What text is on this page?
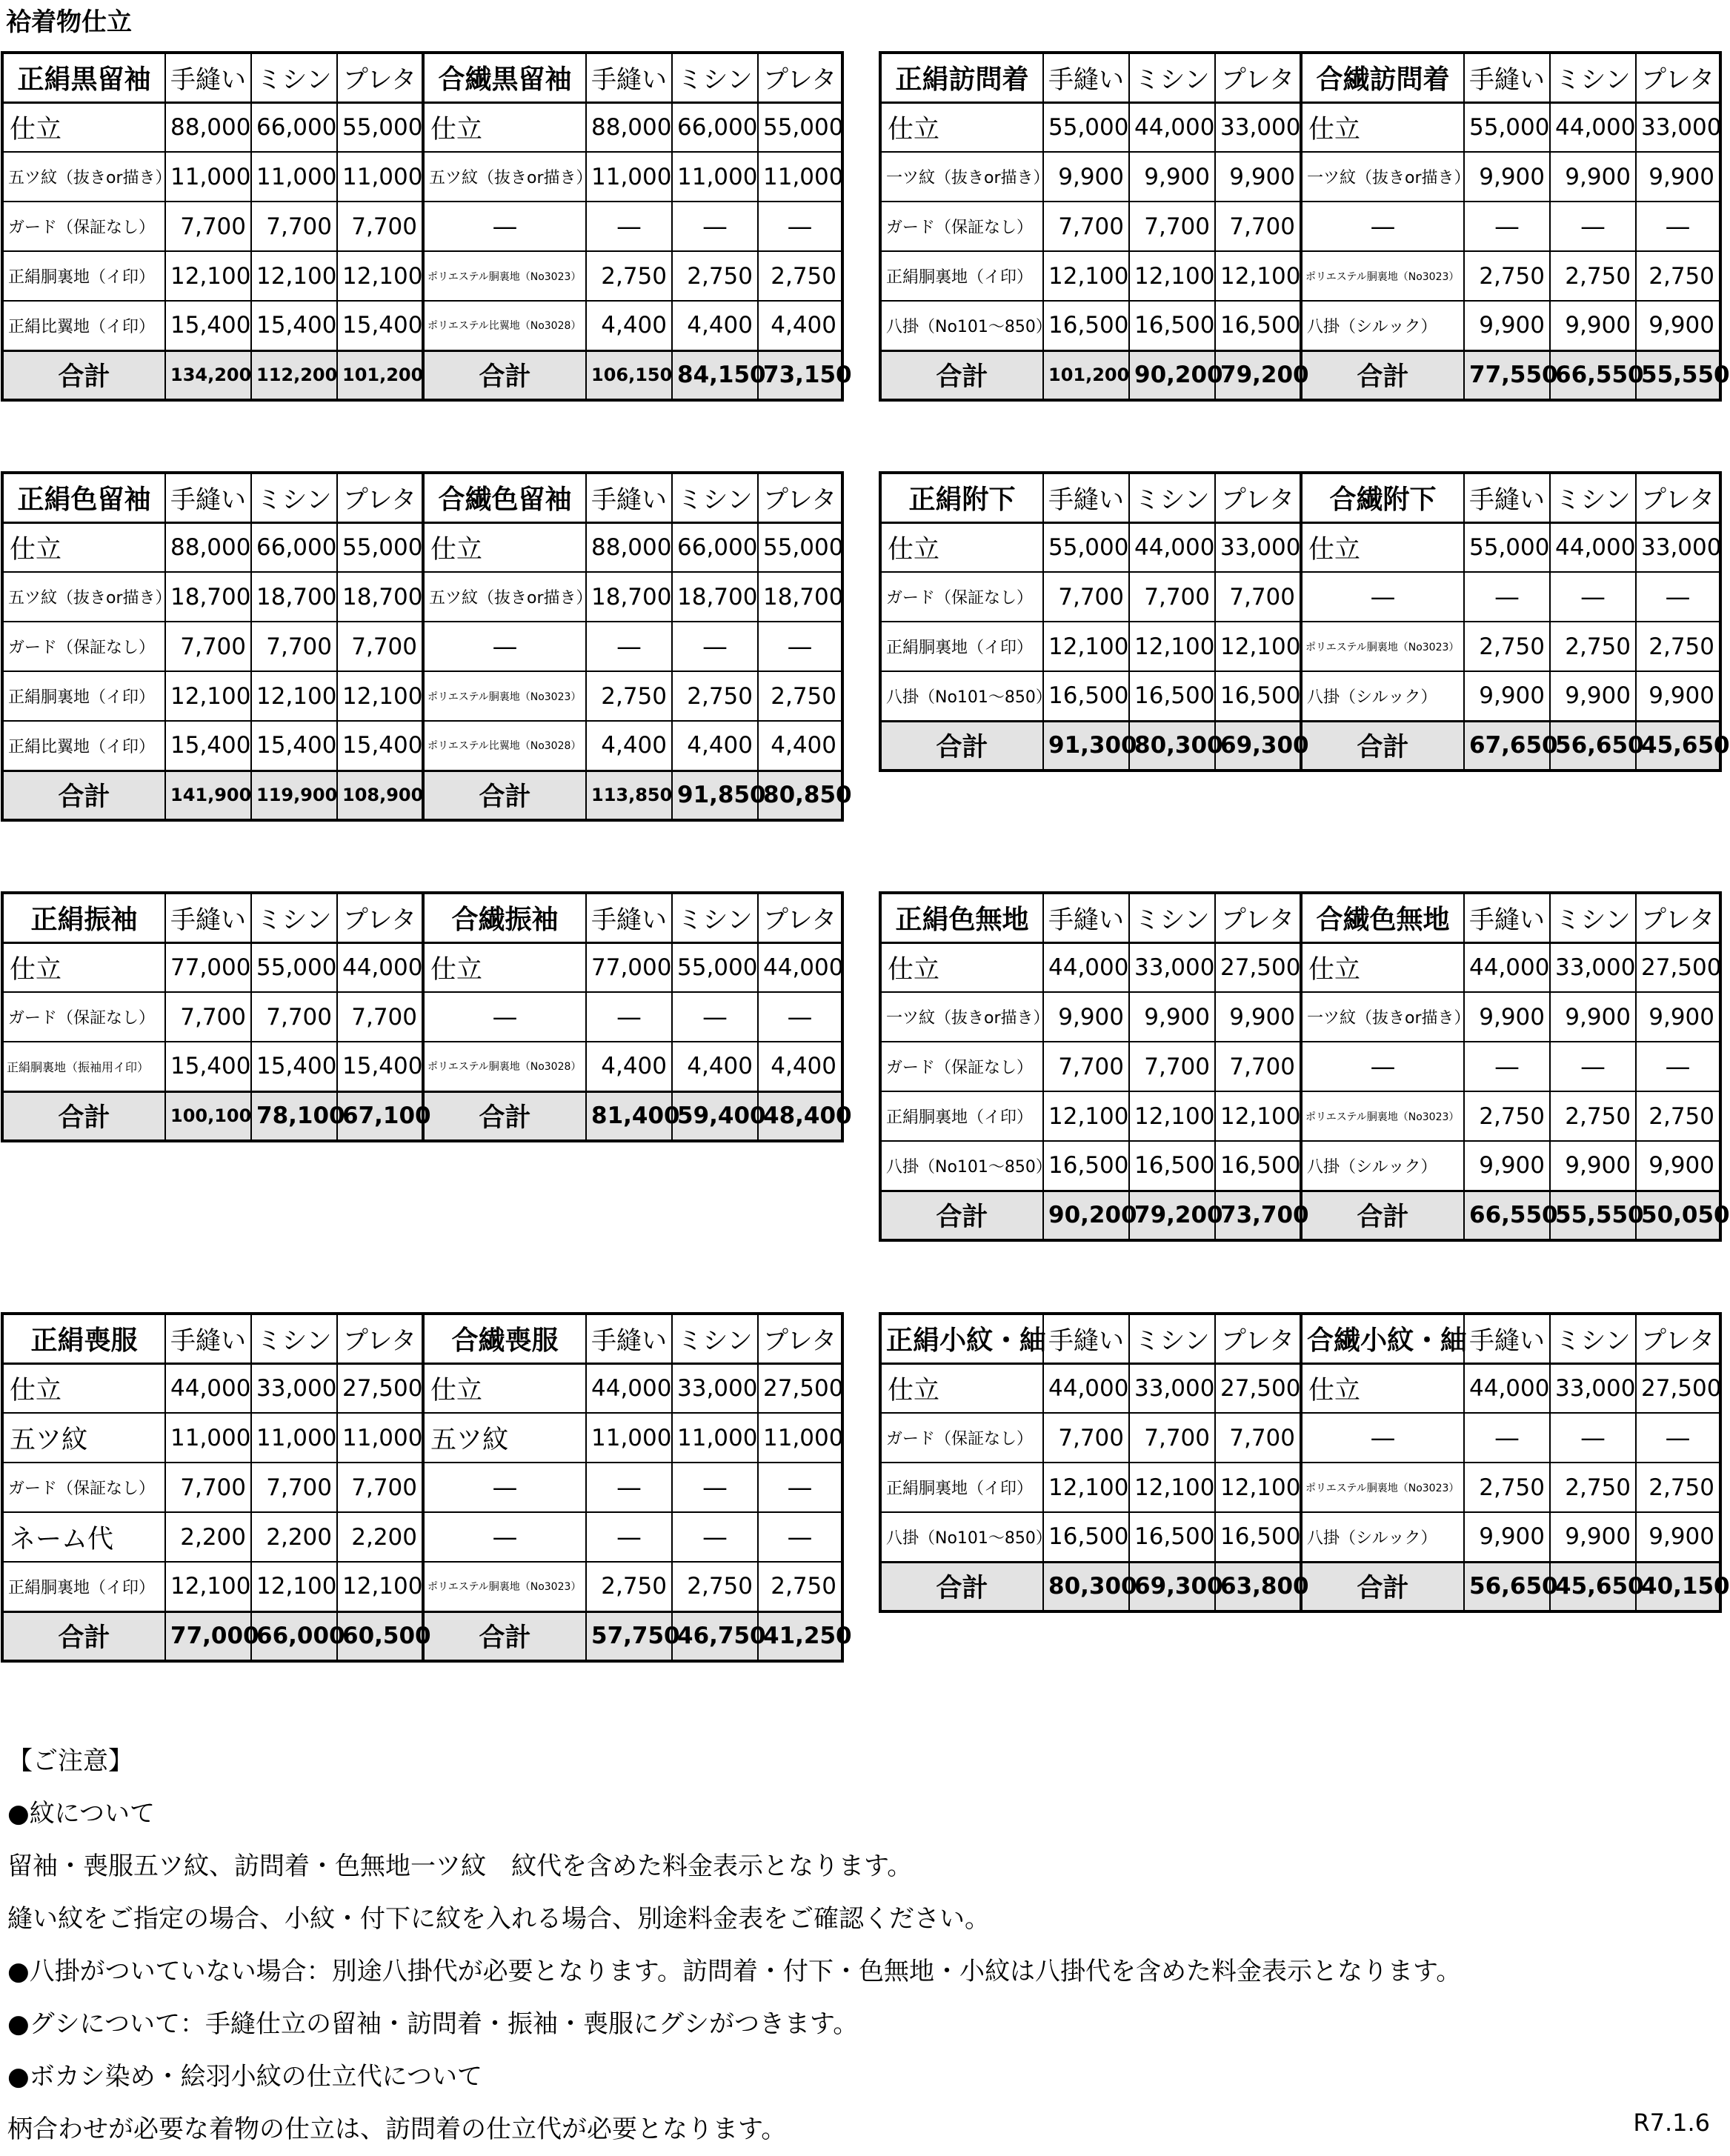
袷着物仕立
正絹黒留袖	手縫い	ミシン	プレタ	合繊黒留袖	手縫い	ミシン	プレタ
仕立	88,000	66,000	55,000	仕立	88,000	66,000	55,000
五ツ紋（抜きor描き）	11,000	11,000	11,000	五ツ紋（抜きor描き）	11,000	11,000	11,000
ガード（保証なし）	7,700	7,700	7,700	—	—	—	—
正絹胴裏地（イ印）	12,100	12,100	12,100	ポリエステル胴裏地（No3023）	2,750	2,750	2,750
正絹比翼地（イ印）	15,400	15,400	15,400	ポリエステル比翼地（No3028）	4,400	4,400	4,400
合計	134,200	112,200	101,200	合計	106,150	84,150	73,150
正絹訪問着	手縫い	ミシン	プレタ	合繊訪問着	手縫い	ミシン	プレタ
仕立	55,000	44,000	33,000	仕立	55,000	44,000	33,000
一ツ紋（抜きor描き）	9,900	9,900	9,900	一ツ紋（抜きor描き）	9,900	9,900	9,900
ガード（保証なし）	7,700	7,700	7,700	—	—	—	—
正絹胴裏地（イ印）	12,100	12,100	12,100	ポリエステル胴裏地（No3023）	2,750	2,750	2,750
八掛（No101～850）	16,500	16,500	16,500	八掛（シルック）	9,900	9,900	9,900
合計	101,200	90,200	79,200	合計	77,550	66,550	55,550
正絹色留袖	手縫い	ミシン	プレタ	合繊色留袖	手縫い	ミシン	プレタ
仕立	88,000	66,000	55,000	仕立	88,000	66,000	55,000
五ツ紋（抜きor描き）	18,700	18,700	18,700	五ツ紋（抜きor描き）	18,700	18,700	18,700
ガード（保証なし）	7,700	7,700	7,700	—	—	—	—
正絹胴裏地（イ印）	12,100	12,100	12,100	ポリエステル胴裏地（No3023）	2,750	2,750	2,750
正絹比翼地（イ印）	15,400	15,400	15,400	ポリエステル比翼地（No3028）	4,400	4,400	4,400
合計	141,900	119,900	108,900	合計	113,850	91,850	80,850
正絹附下	手縫い	ミシン	プレタ	合繊附下	手縫い	ミシン	プレタ
仕立	55,000	44,000	33,000	仕立	55,000	44,000	33,000
ガード（保証なし）	7,700	7,700	7,700	—	—	—	—
正絹胴裏地（イ印）	12,100	12,100	12,100	ポリエステル胴裏地（No3023）	2,750	2,750	2,750
八掛（No101～850）	16,500	16,500	16,500	八掛（シルック）	9,900	9,900	9,900
合計	91,300	80,300	69,300	合計	67,650	56,650	45,650
正絹振袖	手縫い	ミシン	プレタ	合繊振袖	手縫い	ミシン	プレタ
仕立	77,000	55,000	44,000	仕立	77,000	55,000	44,000
ガード（保証なし）	7,700	7,700	7,700	—	—	—	—
正絹胴裏地（振袖用イ印）	15,400	15,400	15,400	ポリエステル胴裏地（No3028）	4,400	4,400	4,400
合計	100,100	78,100	67,100	合計	81,400	59,400	48,400
正絹色無地	手縫い	ミシン	プレタ	合繊色無地	手縫い	ミシン	プレタ
仕立	44,000	33,000	27,500	仕立	44,000	33,000	27,500
一ツ紋（抜きor描き）	9,900	9,900	9,900	一ツ紋（抜きor描き）	9,900	9,900	9,900
ガード（保証なし）	7,700	7,700	7,700	—	—	—	—
正絹胴裏地（イ印）	12,100	12,100	12,100	ポリエステル胴裏地（No3023）	2,750	2,750	2,750
八掛（No101～850）	16,500	16,500	16,500	八掛（シルック）	9,900	9,900	9,900
合計	90,200	79,200	73,700	合計	66,550	55,550	50,050
正絹喪服	手縫い	ミシン	プレタ	合繊喪服	手縫い	ミシン	プレタ
仕立	44,000	33,000	27,500	仕立	44,000	33,000	27,500
五ツ紋	11,000	11,000	11,000	五ツ紋	11,000	11,000	11,000
ガード（保証なし）	7,700	7,700	7,700	—	—	—	—
ネーム代	2,200	2,200	2,200	—	—	—	—
正絹胴裏地（イ印）	12,100	12,100	12,100	ポリエステル胴裏地（No3023）	2,750	2,750	2,750
合計	77,000	66,000	60,500	合計	57,750	46,750	41,250
正絹小紋・紬	手縫い	ミシン	プレタ	合繊小紋・紬	手縫い	ミシン	プレタ
仕立	44,000	33,000	27,500	仕立	44,000	33,000	27,500
ガード（保証なし）	7,700	7,700	7,700	—	—	—	—
正絹胴裏地（イ印）	12,100	12,100	12,100	ポリエステル胴裏地（No3023）	2,750	2,750	2,750
八掛（No101～850）	16,500	16,500	16,500	八掛（シルック）	9,900	9,900	9,900
合計	80,300	69,300	63,800	合計	56,650	45,650	40,150
【ご注意】
●紋について
留袖・喪服五ツ紋、訪問着・色無地一ツ紋　紋代を含めた料金表示となります。
縫い紋をご指定の場合、小紋・付下に紋を入れる場合、別途料金表をご確認ください。
●八掛がついていない場合：別途八掛代が必要となります。訪問着・付下・色無地・小紋は八掛代を含めた料金表示となります。
●グシについて：手縫仕立の留袖・訪問着・振袖・喪服にグシがつきます。
●ボカシ染め・絵羽小紋の仕立代について
柄合わせが必要な着物の仕立は、訪問着の仕立代が必要となります。	R7.1.6
